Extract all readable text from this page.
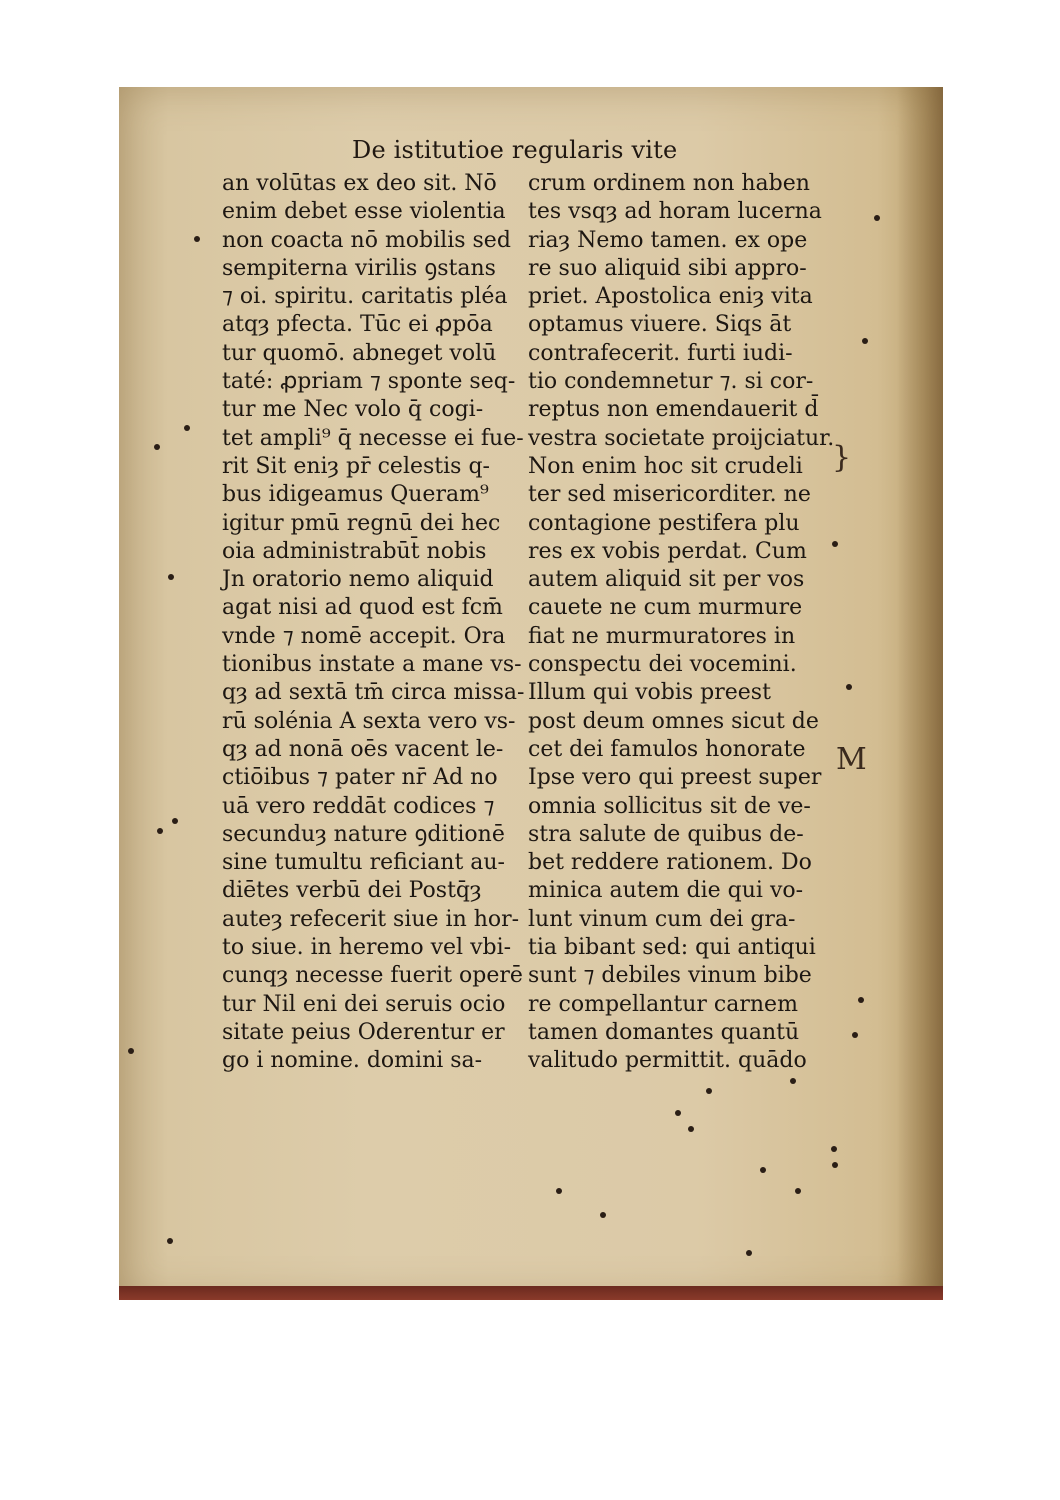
De istitutioe regularis vite
an volūtas ex deo sit. Nō
enim debet esse violentia
non coacta nō mobilis sed
sempiterna virilis ꝯstans
⁊ oi. spiritu. caritatis pléa
atqȝ pfecta. Tūc ei ꝓpōa
tur quomō. abneget volū
taté: ꝓpriam ⁊ sponte seq-
tur me Nec volo q̄ cogi-
tet ampli⁹ q̄ necesse ei fue-
rit Sit eniȝ pr̄ celestis q-
bus idigeamus Queram⁹
igitur pmū regnū dei hec
oia administrabūt̄ nobis
Jn oratorio nemo aliquid
agat nisi ad quod est fcm̄
vnde ⁊ nomē accepit. Ora
tionibus instate a mane vs-
qȝ ad sextā tm̄ circa missa-
rū solénia A sexta vero vs-
qȝ ad nonā oēs vacent le-
ctiōibus ⁊ pater nr̄ Ad no
uā vero reddāt codices ⁊
secunduȝ nature ꝯditionē
sine tumultu reficiant au-
diētes verbū dei Postq̄ȝ
auteȝ refecerit siue in hor-
to siue. in heremo vel vbi-
cunqȝ necesse fuerit operē
tur Nil eni dei seruis ocio
sitate peius Oderentur er
go i nomine. domini sa-
crum ordinem non haben
tes vsqȝ ad horam lucerna
riaȝ Nemo tamen. ex ope
re suo aliquid sibi appro-
priet. Apostolica eniȝ vita
optamus viuere. Siqs āt
contrafecerit. furti iudi-
tio condemnetur ⁊. si cor-
reptus non emendauerit d̄
vestra societate proijciatur.
Non enim hoc sit crudeli
ter sed misericorditer. ne
contagione pestifera plu
res ex vobis perdat. Cum
autem aliquid sit per vos
cauete ne cum murmure
fiat ne murmuratores in
conspectu dei vocemini.
Illum qui vobis preest
post deum omnes sicut de
cet dei famulos honorate
Ipse vero qui preest super
omnia sollicitus sit de ve-
stra salute de quibus de-
bet reddere rationem. Do
minica autem die qui vo-
lunt vinum cum dei gra-
tia bibant sed: qui antiqui
sunt ⁊ debiles vinum bibe
re compellantur carnem
tamen domantes quantū
valitudo permittit. quādo
}
M
